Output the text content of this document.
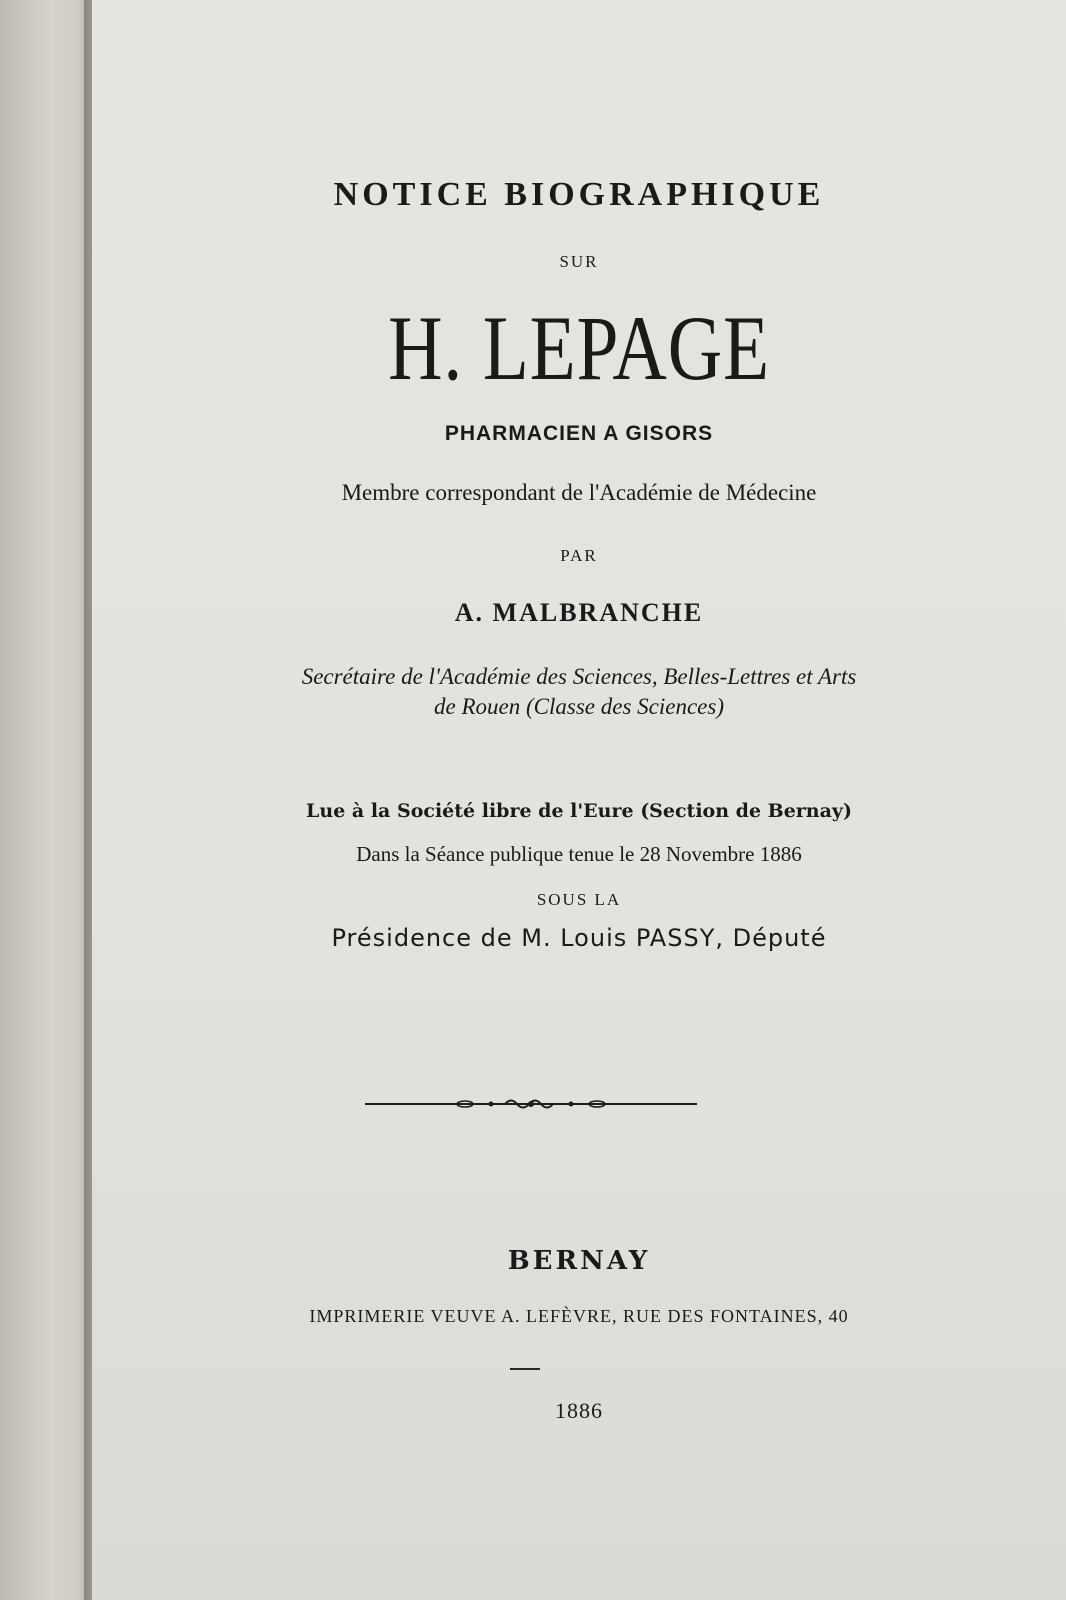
NOTICE BIOGRAPHIQUE
SUR
H. LEPAGE
PHARMACIEN A GISORS
Membre correspondant de l'Académie de Médecine
PAR
A. MALBRANCHE
Secrétaire de l'Académie des Sciences, Belles-Lettres et Arts
de Rouen (Classe des Sciences)
Lue à la Société libre de l'Eure (Section de Bernay)
Dans la Séance publique tenue le 28 Novembre 1886
SOUS LA
Présidence de M. Louis PASSY, Député
BERNAY
IMPRIMERIE VEUVE A. LEFÈVRE, RUE DES FONTAINES, 40
1886
